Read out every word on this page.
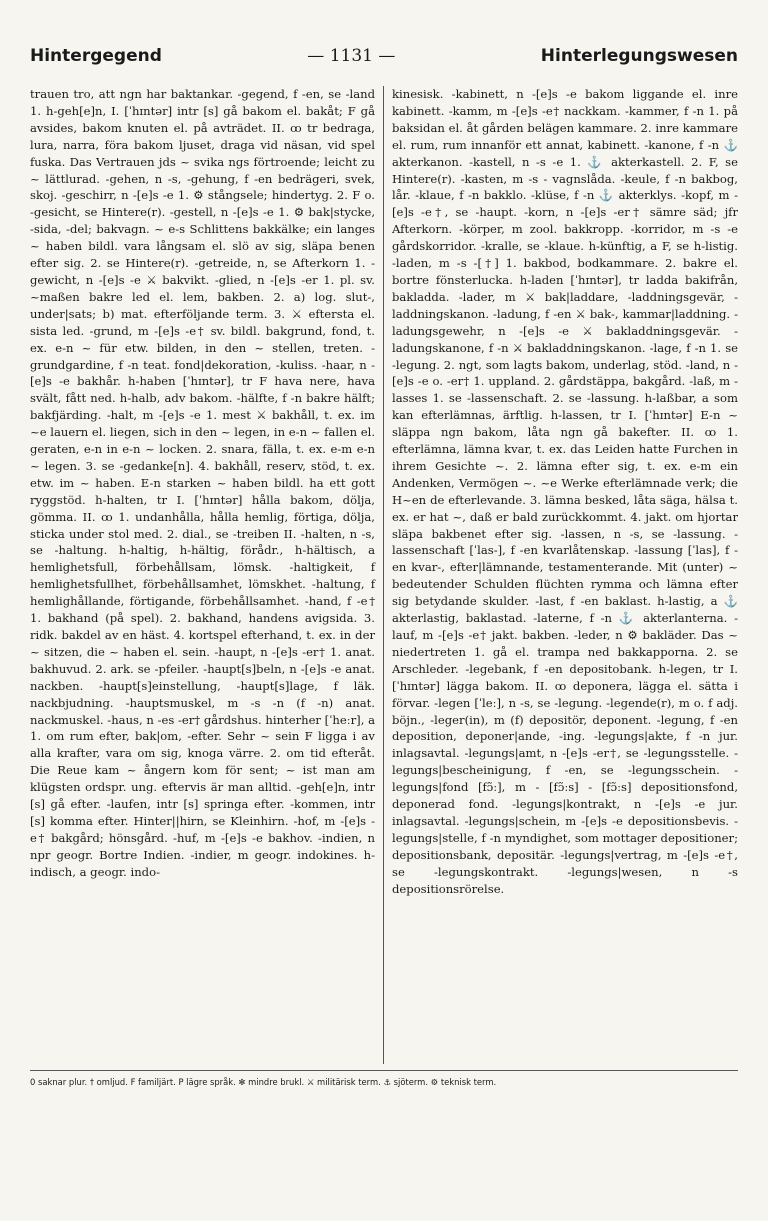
Hintergegend	— 1131 —	Hinterlegungswesen

trauen tro, att ngn har baktankar. -gegend, f -en, se -land 1. h-geh[e]n, I. [ˈhɪntər] intr [s] gå bakom el. bakåt; F gå avsides, bakom knuten el. på avträdet. II. ꝏ tr bedraga, lura, narra, föra bakom ljuset, draga vid näsan, vid spel fuska. Das Vertrauen jds ~ svika ngs förtroende; leicht zu ~ lättlurad. -gehen, n -s, -gehung, f -en bedrägeri, svek, skoj. -geschirr, n -[e]s -e 1. ⚙ stångsele; hindertyg. 2. F o. -gesicht, se Hintere(r). -gestell, n -[e]s -e 1. ⚙ bak|stycke, -sida, -del; bakvagn. ~ e-s Schlittens bakkälke; ein langes ~ haben bildl. vara långsam el. slö av sig, släpa benen efter sig. 2. se Hintere(r). -getreide, n, se Afterkorn 1. -gewicht, n -[e]s -e ⚔ bakvikt. -glied, n -[e]s -er 1. pl. sv. ~maßen bakre led el. lem, bakben. 2. a) log. slut-, under|sats; b) mat. efterföljande term. 3. ⚔ eftersta el. sista led. -grund, m -[e]s -e† sv. bildl. bakgrund, fond, t. ex. e-n ~ für etw. bilden, in den ~ stellen, treten. -grundgardine, f -n teat. fond|dekoration, -kuliss. -haar, n -[e]s -e bakhår. h-haben [ˈhɪntər], tr F hava nere, hava svält, fått ned. h-halb, adv bakom. -hälfte, f -n bakre hälft; bakfjärding. -halt, m -[e]s -e 1. mest ⚔ bakhåll, t. ex. im ~e lauern el. liegen, sich in den ~ legen, in e-n ~ fallen el. geraten, e-n in e-n ~ locken. 2. snara, fälla, t. ex. e-m e-n ~ legen. 3. se -gedanke[n]. 4. bakhåll, reserv, stöd, t. ex. etw. im ~ haben. E-n starken ~ haben bildl. ha ett gott ryggstöd. h-halten, tr I. [ˈhɪntər] hålla bakom, dölja, gömma. II. ꝏ 1. undanhålla, hålla hemlig, förtiga, dölja, sticka under stol med. 2. dial., se -treiben II. -halten, n -s, se -haltung. h-haltig, h-hältig, förådr., h-hältisch, a hemlighetsfull, förbehållsam, lömsk. -haltigkeit, f hemlighetsfullhet, förbehållsamhet, lömskhet. -haltung, f hemlighållande, förtigande, förbehållsamhet. -hand, f -e† 1. bakhand (på spel). 2. bakhand, handens avigsida. 3. ridk. bakdel av en häst. 4. kortspel efterhand, t. ex. in der ~ sitzen, die ~ haben el. sein. -haupt, n -[e]s -er† 1. anat. bakhuvud. 2. ark. se -pfeiler. -haupt[s]beln, n -[e]s -e anat. nackben. -haupt[s]einstellung, -haupt[s]lage, f läk. nackbjudning. -hauptsmuskel, m -s -n (f -n) anat. nackmuskel. -haus, n -es -er† gårdshus. hinterher [ˈheːr], a 1. om rum efter, bak|om, -efter. Sehr ~ sein F ligga i av alla krafter, vara om sig, knoga värre. 2. om tid efteråt. Die Reue kam ~ ångern kom för sent; ~ ist man am klügsten ordspr. ung. eftervis är man alltid. -geh[e]n, intr [s] gå efter. -laufen, intr [s] springa efter. -kommen, intr [s] komma efter. Hinter||hirn, se Kleinhirn. -hof, m -[e]s -e† bakgård; hönsgård. -huf, m -[e]s -e bakhov. -indien, n npr geogr. Bortre Indien. -indier, m geogr. indokines. h-indisch, a geogr. indo-

kinesisk. -kabinett, n -[e]s -e bakom liggande el. inre kabinett. -kamm, m -[e]s -e† nackkam. -kammer, f -n 1. på baksidan el. åt gården belägen kammare. 2. inre kammare el. rum, rum innanför ett annat, kabinett. -kanone, f -n ⚓ akterkanon. -kastell, n -s -e 1. ⚓ akterkastell. 2. F, se Hintere(r). -kasten, m -s - vagnslåda. -keule, f -n bakbog, lår. -klaue, f -n bakklo. -klüse, f -n ⚓ akterklys. -kopf, m -[e]s -e†, se -haupt. -korn, n -[e]s -er† sämre säd; jfr Afterkorn. -körper, m zool. bakkropp. -korridor, m -s -e gårdskorridor. -kralle, se -klaue. h-künftig, a F, se h-listig. -laden, m -s -[†] 1. bakbod, bodkammare. 2. bakre el. bortre fönsterlucka. h-laden [ˈhɪntər], tr ladda bakifrån, bakladda. -lader, m ⚔ bak|laddare, -laddningsgevär, -laddningskanon. -ladung, f -en ⚔ bak-, kammar|laddning. -ladungsgewehr, n -[e]s -e ⚔ bakladdningsgevär. -ladungskanone, f -n ⚔ bakladdningskanon. -lage, f -n 1. se -legung. 2. ngt, som lagts bakom, underlag, stöd. -land, n -[e]s -e o. -er† 1. uppland. 2. gårdstäppa, bakgård. -laß, m -lasses 1. se -lassenschaft. 2. se -lassung. h-laßbar, a som kan efterlämnas, ärftlig. h-lassen, tr I. [ˈhɪntər] E-n ~ släppa ngn bakom, låta ngn gå bakefter. II. ꝏ 1. efterlämna, lämna kvar, t. ex. das Leiden hatte Furchen in ihrem Gesichte ~. 2. lämna efter sig, t. ex. e-m ein Andenken, Vermögen ~. ~e Werke efterlämnade verk; die H~en de efterlevande. 3. lämna besked, låta säga, hälsa t. ex. er hat ~, daß er bald zurückkommt. 4. jakt. om hjortar släpa bakbenet efter sig. -lassen, n -s, se -lassung. -lassenschaft [ˈlas-], f -en kvarlåtenskap. -lassung [ˈlas], f -en kvar-, efter|lämnande, testamenterande. Mit (unter) ~ bedeutender Schulden flüchten rymma och lämna efter sig betydande skulder. -last, f -en baklast. h-lastig, a ⚓ akterlastig, baklastad. -laterne, f -n ⚓ akterlanternа. -lauf, m -[e]s -e† jakt. bakben. -leder, n ⚙ bakläder. Das ~ niedertreten 1. gå el. trampa ned bakkapporna. 2. se Arschleder. -legebank, f -en depositobank. h-legen, tr I. [ˈhɪntər] lägga bakom. II. ꝏ deponera, lägga el. sätta i förvar. -legen [ˈleː], n -s, se -legung. -legende(r), m o. f adj. böjn., -leger(in), m (f) depositör, deponent. -legung, f -en deposition, deponer|ande, -ing. -legungs|akte, f -n jur. inlagsavtal. -legungs|amt, n -[e]s -er†, se -legungsstelle. -legungs|bescheinigung, f -en, se -legungsschein. -legungs|fond [fɔ̃ː], m - [fɔ̃ːs] - [fɔ̃ːs] depositionsfond, deponerad fond. -legungs|kontrakt, n -[e]s -e jur. inlagsavtal. -legungs|schein, m -[e]s -e depositionsbevis. -legungs|stelle, f -n myndighet, som mottager depositioner; depositionsbank, depositär. -legungs|vertrag, m -[e]s -e†, se -legungskontrakt. -legungs|wesen, n -s depositionsrörelse.

0 saknar plur. † omljud. F familjärt. P lägre språk. ✻ mindre brukl. ⚔ militärisk term. ⚓ sjöterm. ⚙ teknisk term.
